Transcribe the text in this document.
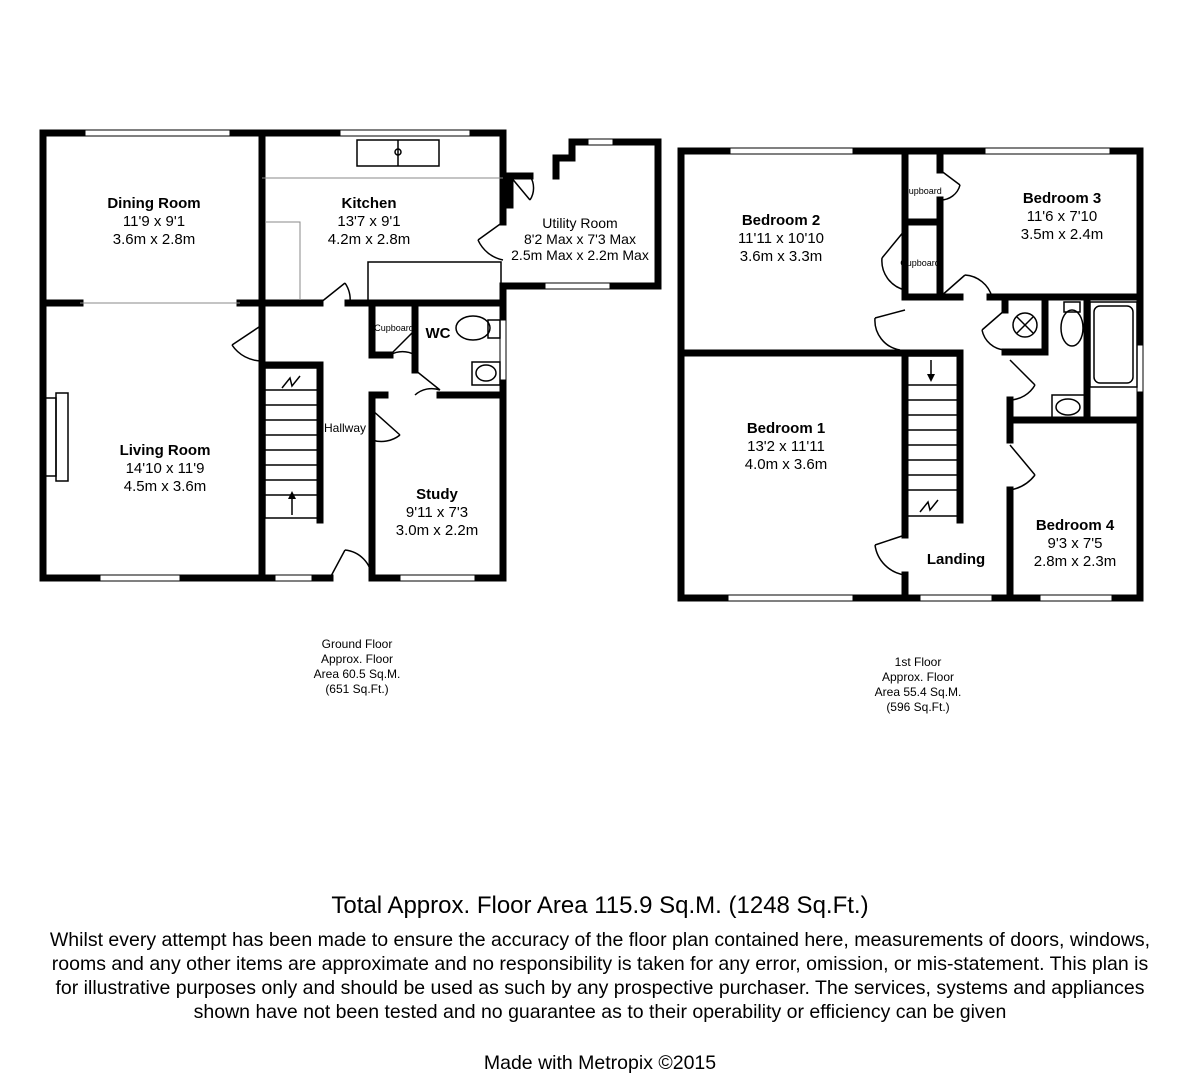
Dining Room
11'9 x 9'1
3.6m x 2.8m
Kitchen
13'7 x 9'1
4.2m x 2.8m
Utility Room
8'2 Max x 7'3 Max
2.5m Max x 2.2m Max
Living Room
14'10 x 11'9
4.5m x 3.6m	Study
9'11 x 7'3
3.0m x 2.2m
WC
Hallway
Cupboard
Ground Floor
Approx. Floor
Area 60.5 Sq.M.
(651 Sq.Ft.)
Bedroom 2
11'11 x 10'10
3.6m x 3.3m
Bedroom 3
11'6 x 7'10
3.5m x 2.4m
Bedroom 1
13'2 x 11'11
4.0m x 3.6m
Bedroom 4
9'3 x 7'5
2.8m x 2.3m
Landing
Cupboard
Cupboard
1st Floor
Approx. Floor
Area 55.4 Sq.M.
(596 Sq.Ft.)
Total Approx. Floor Area 115.9 Sq.M. (1248 Sq.Ft.)
Whilst every attempt has been made to ensure the accuracy of the floor plan contained here, measurements of doors, windows, rooms and any other items are approximate and no responsibility is taken for any error, omission, or mis-statement. This plan is for illustrative purposes only and should be used as such by any prospective purchaser. The services, systems and appliances shown have not been tested and no guarantee as to their operability or efficiency can be given
Made with Metropix ©2015
